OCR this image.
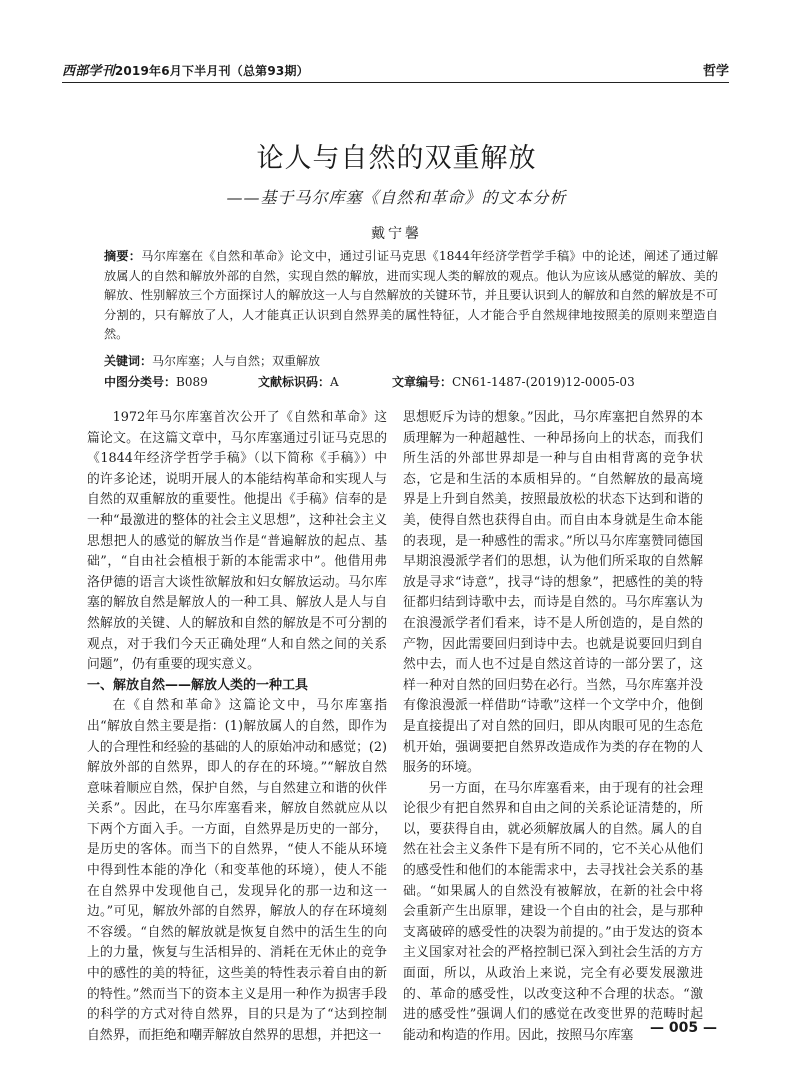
西部学刊2019年6月下半月刊（总第93期）	哲学
论人与自然的双重解放
——基于马尔库塞《自然和革命》的文本分析
戴宁馨
摘要：马尔库塞在《自然和革命》论文中，通过引证马克思《1844年经济学哲学手稿》中的论述，阐述了通过解放属人的自然和解放外部的自然，实现自然的解放，进而实现人类的解放的观点。他认为应该从感觉的解放、美的解放、性别解放三个方面探讨人的解放这一人与自然解放的关键环节，并且要认识到人的解放和自然的解放是不可分割的，只有解放了人，人才能真正认识到自然界美的属性特征，人才能合乎自然规律地按照美的原则来塑造自然。
关键词：马尔库塞；人与自然；双重解放
中图分类号：B089	文献标识码：A	文章编号：CN61-1487-(2019)12-0005-03

1972年马尔库塞首次公开了《自然和革命》这篇论文。在这篇文章中，马尔库塞通过引证马克思的《1844年经济学哲学手稿》（以下简称《手稿》）中的许多论述，说明开展人的本能结构革命和实现人与自然的双重解放的重要性。他提出《手稿》信奉的是一种“最激进的整体的社会主义思想”，这种社会主义思想把人的感觉的解放当作是“普遍解放的起点、基础”，“自由社会植根于新的本能需求中”。他借用弗洛伊德的语言大谈性欲解放和妇女解放运动。马尔库塞的解放自然是解放人的一种工具、解放人是人与自然解放的关键、人的解放和自然的解放是不可分割的观点，对于我们今天正确处理“人和自然之间的关系问题”，仍有重要的现实意义。

一、解放自然——解放人类的一种工具

在《自然和革命》这篇论文中，马尔库塞指出“解放自然主要是指：(1)解放属人的自然，即作为人的合理性和经验的基础的人的原始冲动和感觉；(2)解放外部的自然界，即人的存在的环境。”“解放自然意味着顺应自然，保护自然，与自然建立和谐的伙伴关系”。因此，在马尔库塞看来，解放自然就应从以下两个方面入手。一方面，自然界是历史的一部分，是历史的客体。而当下的自然界，“使人不能从环境中得到性本能的净化（和变革他的环境），使人不能在自然界中发现他自己，发现异化的那一边和这一边。”可见，解放外部的自然界，解放人的存在环境刻不容缓。“自然的解放就是恢复自然中的活生生的向上的力量，恢复与生活相异的、消耗在无休止的竞争中的感性的美的特征，这些美的特性表示着自由的新的特性。”然而当下的资本主义是用一种作为损害手段的科学的方式对待自然界，目的只是为了“达到控制自然界，而拒绝和嘲弄解放自然界的思想，并把这一

思想贬斥为诗的想象。”因此，马尔库塞把自然界的本质理解为一种超越性、一种昂扬向上的状态，而我们所生活的外部世界却是一种与自由相背离的竞争状态，它是和生活的本质相异的。“自然解放的最高境界是上升到自然美，按照最放松的状态下达到和谐的美，使得自然也获得自由。而自由本身就是生命本能的表现，是一种感性的需求。”所以马尔库塞赞同德国早期浪漫派学者们的思想，认为他们所采取的自然解放是寻求“诗意”，找寻“诗的想象”，把感性的美的特征都归结到诗歌中去，而诗是自然的。马尔库塞认为在浪漫派学者们看来，诗不是人所创造的，是自然的产物，因此需要回归到诗中去。也就是说要回归到自然中去，而人也不过是自然这首诗的一部分罢了，这样一种对自然的回归势在必行。当然，马尔库塞并没有像浪漫派一样借助“诗歌”这样一个文学中介，他倒是直接提出了对自然的回归，即从肉眼可见的生态危机开始，强调要把自然界改造成作为类的存在物的人服务的环境。

另一方面，在马尔库塞看来，由于现有的社会理论很少有把自然界和自由之间的关系论证清楚的，所以，要获得自由，就必须解放属人的自然。属人的自然在社会主义条件下是有所不同的，它不关心从他们的感受性和他们的本能需求中，去寻找社会关系的基础。“如果属人的自然没有被解放，在新的社会中将会重新产生出原罪，建设一个自由的社会，是与那种支离破碎的感受性的决裂为前提的。”由于发达的资本主义国家对社会的严格控制已深入到社会生活的方方面面，所以，从政治上来说，完全有必要发展激进的、革命的感受性，以改变这种不合理的状态。“激进的感受性”强调人们的感觉在改变世界的范畴时起能动和构造的作用。因此，按照马尔库塞	— 005 —
